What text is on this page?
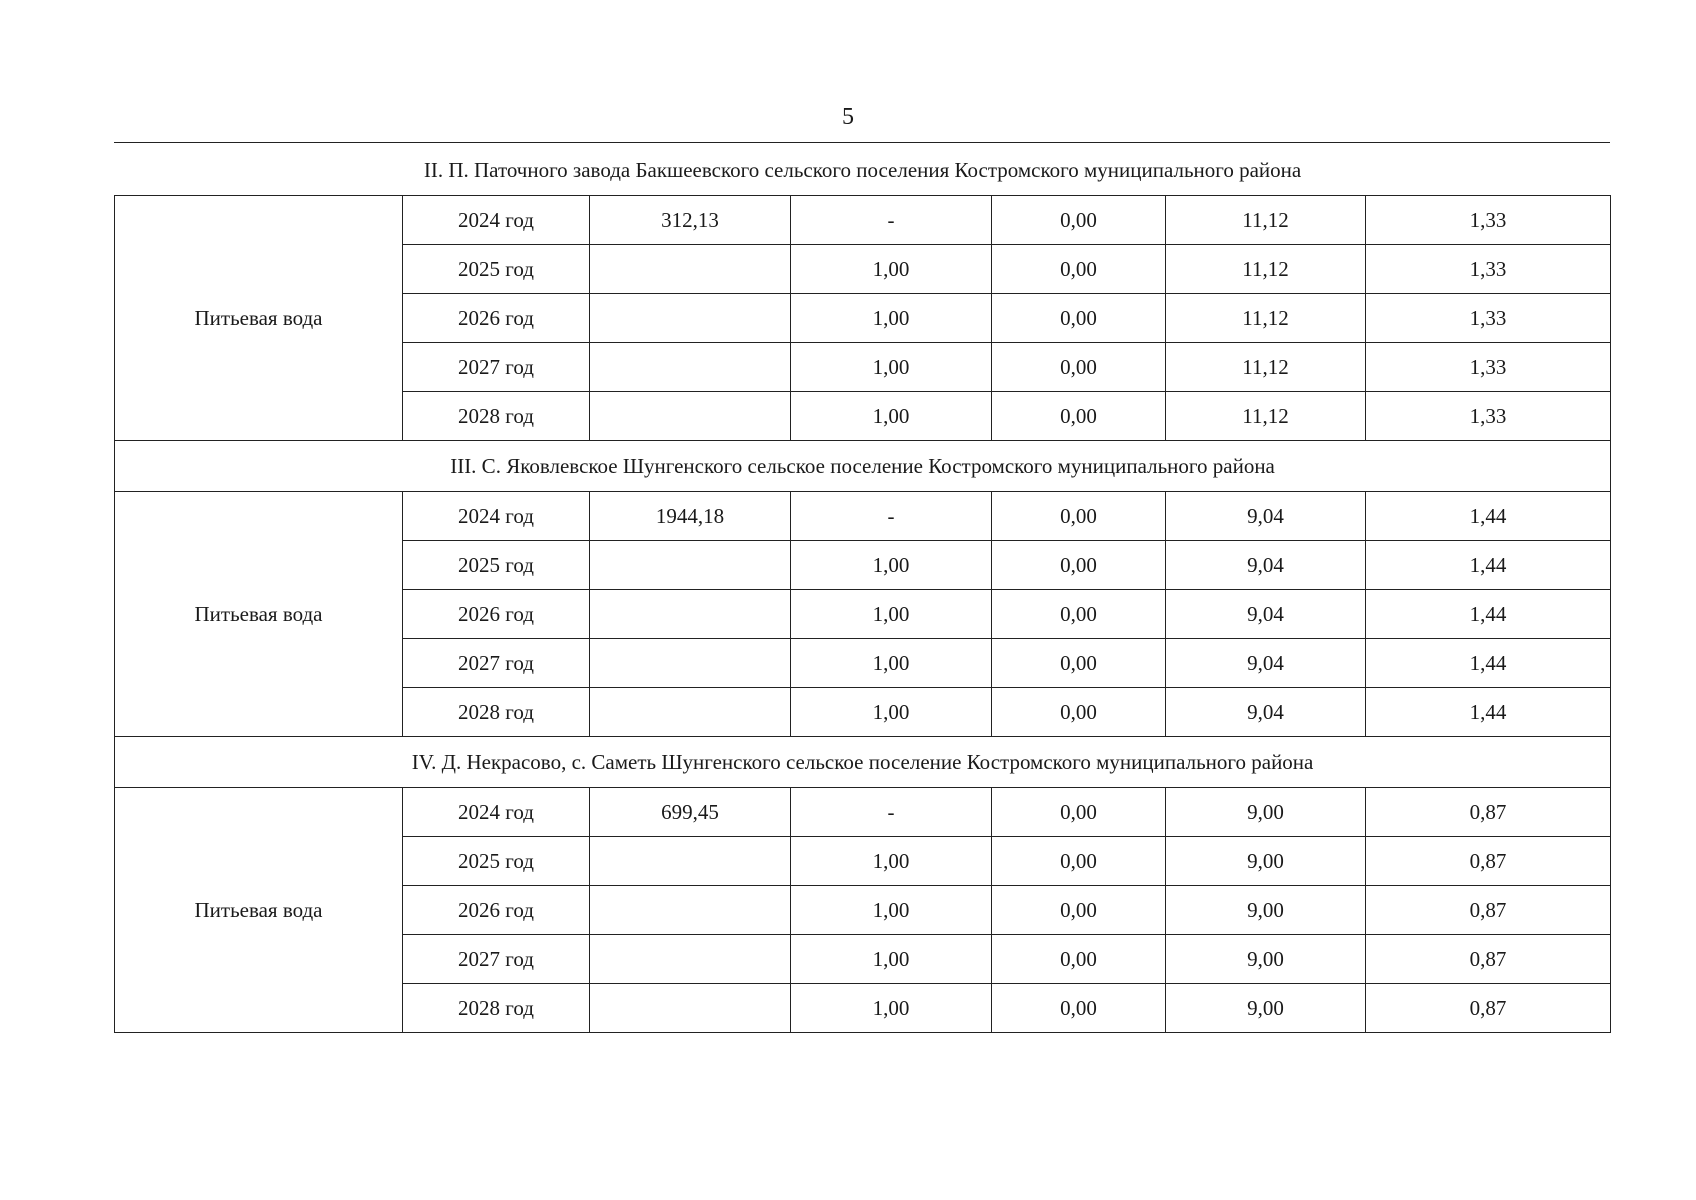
5
II. П. Паточного завода Бакшеевского сельского поселения Костромского муниципального района						
Питьевая вода	2024 год	312,13	-	0,00	11,12	1,33
	2025 год		1,00	0,00	11,12	1,33
	2026 год		1,00	0,00	11,12	1,33
	2027 год		1,00	0,00	11,12	1,33
	2028 год		1,00	0,00	11,12	1,33
III. С. Яковлевское Шунгенского сельское поселение Костромского муниципального района						
Питьевая вода	2024 год	1944,18	-	0,00	9,04	1,44
	2025 год		1,00	0,00	9,04	1,44
	2026 год		1,00	0,00	9,04	1,44
	2027 год		1,00	0,00	9,04	1,44
	2028 год		1,00	0,00	9,04	1,44
IV. Д. Некрасово, с. Саметь Шунгенского сельское поселение Костромского муниципального района						
Питьевая вода	2024 год	699,45	-	0,00	9,00	0,87
	2025 год		1,00	0,00	9,00	0,87
	2026 год		1,00	0,00	9,00	0,87
	2027 год		1,00	0,00	9,00	0,87
	2028 год		1,00	0,00	9,00	0,87
